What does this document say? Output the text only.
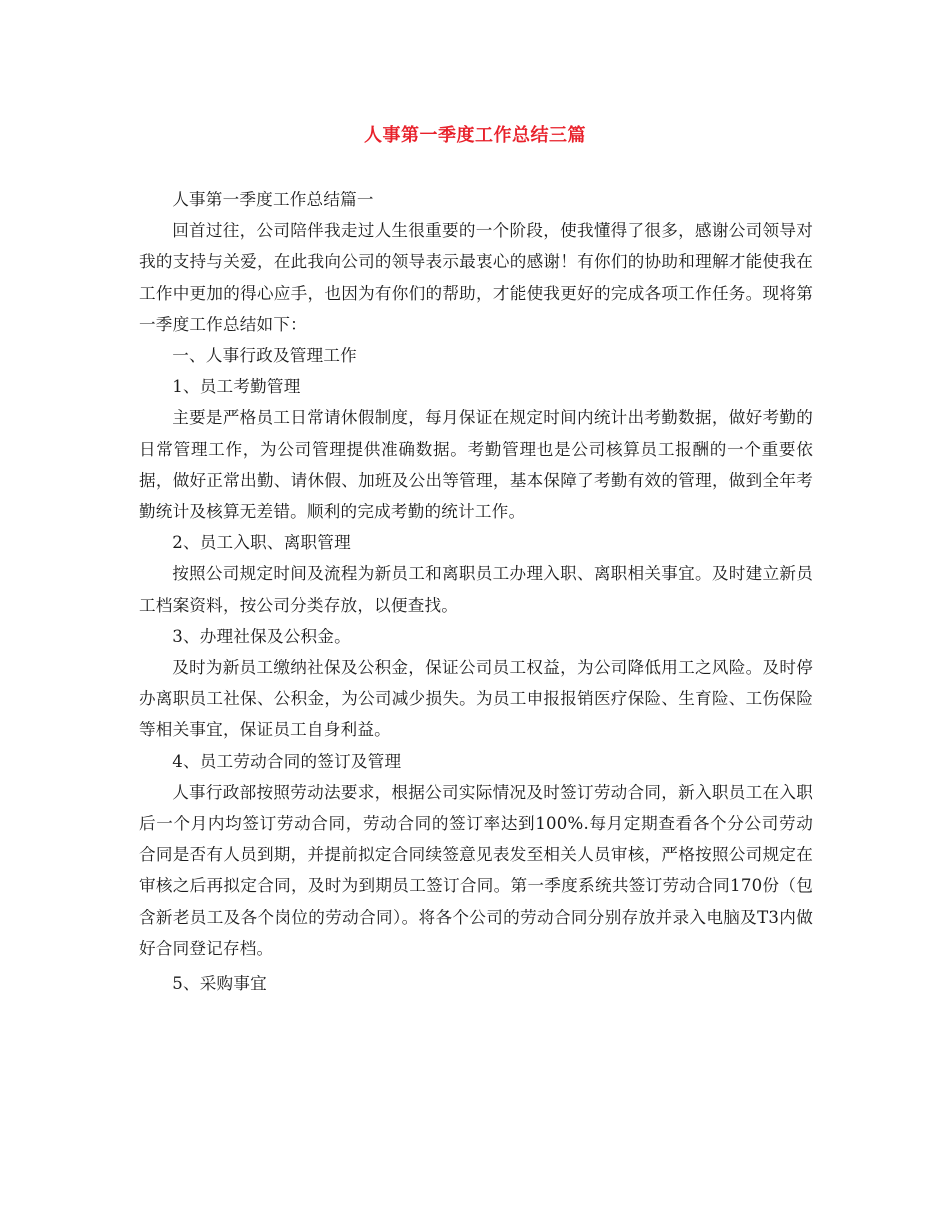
人事第一季度工作总结三篇

人事第一季度工作总结篇一

回首过往，公司陪伴我走过人生很重要的一个阶段，使我懂得了很多，感谢公司领导对我的支持与关爱，在此我向公司的领导表示最衷心的感谢！有你们的协助和理解才能使我在工作中更加的得心应手，也因为有你们的帮助，才能使我更好的完成各项工作任务。现将第一季度工作总结如下：

一、人事行政及管理工作

1、员工考勤管理

主要是严格员工日常请休假制度，每月保证在规定时间内统计出考勤数据，做好考勤的日常管理工作，为公司管理提供准确数据。考勤管理也是公司核算员工报酬的一个重要依据，做好正常出勤、请休假、加班及公出等管理，基本保障了考勤有效的管理，做到全年考勤统计及核算无差错。顺利的完成考勤的统计工作。

2、员工入职、离职管理

按照公司规定时间及流程为新员工和离职员工办理入职、离职相关事宜。及时建立新员工档案资料，按公司分类存放，以便查找。

3、办理社保及公积金。

及时为新员工缴纳社保及公积金，保证公司员工权益，为公司降低用工之风险。及时停办离职员工社保、公积金，为公司减少损失。为员工申报报销医疗保险、生育险、工伤保险等相关事宜，保证员工自身利益。

4、员工劳动合同的签订及管理

人事行政部按照劳动法要求，根据公司实际情况及时签订劳动合同，新入职员工在入职后一个月内均签订劳动合同，劳动合同的签订率达到100%.每月定期查看各个分公司劳动合同是否有人员到期，并提前拟定合同续签意见表发至相关人员审核，严格按照公司规定在审核之后再拟定合同，及时为到期员工签订合同。第一季度系统共签订劳动合同170份（包含新老员工及各个岗位的劳动合同）。将各个公司的劳动合同分别存放并录入电脑及T3内做好合同登记存档。

5、采购事宜
